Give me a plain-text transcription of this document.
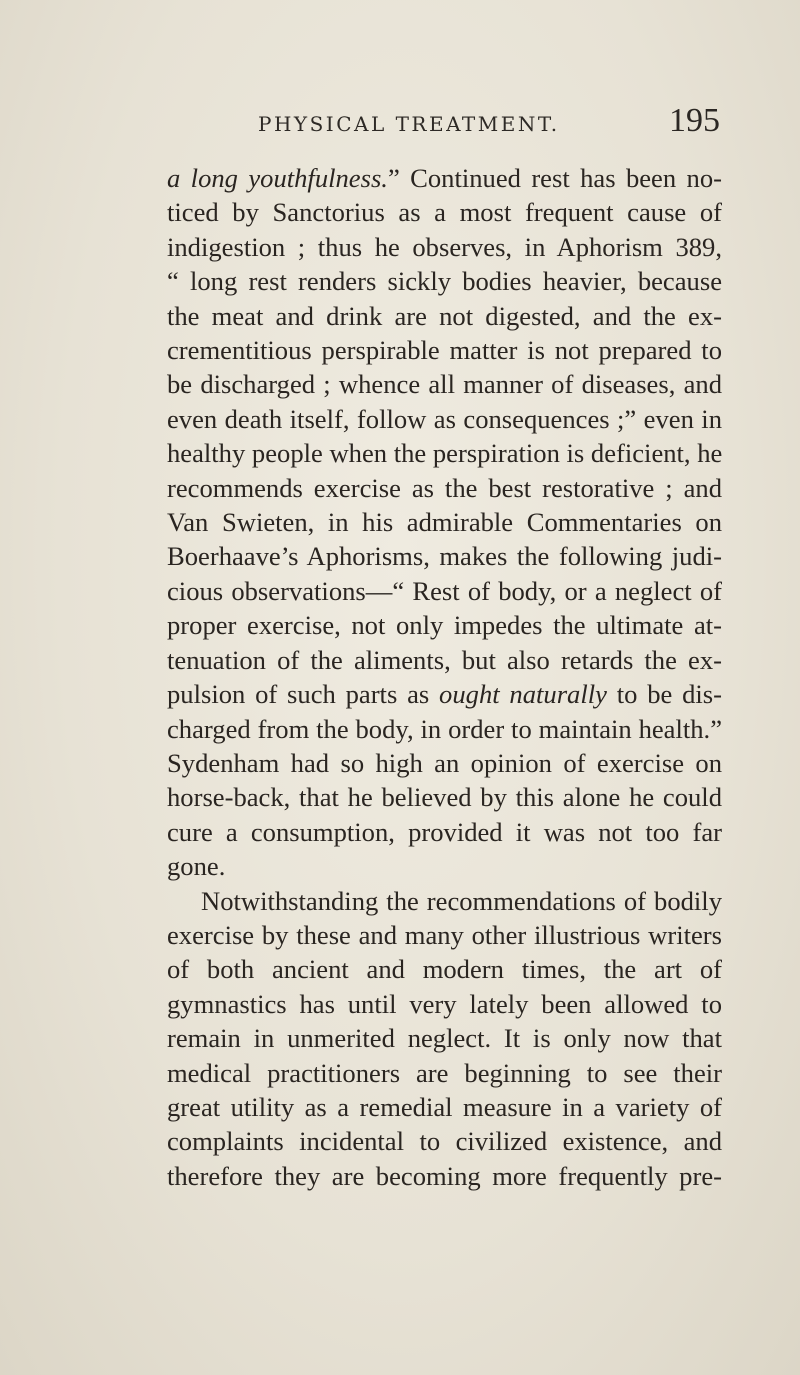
PHYSICAL TREATMENT.	195

a long youthfulness.” Continued rest has been no-
ticed by Sanctorius as a most frequent cause of
indigestion ; thus he observes, in Aphorism 389,
“ long rest renders sickly bodies heavier, because
the meat and drink are not digested, and the ex-
crementitious perspirable matter is not prepared to
be discharged ; whence all manner of diseases, and
even death itself, follow as consequences ;” even in
healthy people when the perspiration is deficient, he
recommends exercise as the best restorative ; and
Van Swieten, in his admirable Commentaries on
Boerhaave’s Aphorisms, makes the following judi-
cious observations—“ Rest of body, or a neglect of
proper exercise, not only impedes the ultimate at-
tenuation of the aliments, but also retards the ex-
pulsion of such parts as ought naturally to be dis-
charged from the body, in order to maintain health.”
Sydenham had so high an opinion of exercise on
horse-back, that he believed by this alone he could
cure a consumption, provided it was not too far
gone.

Notwithstanding the recommendations of bodily
exercise by these and many other illustrious writers
of both ancient and modern times, the art of
gymnastics has until very lately been allowed to
remain in unmerited neglect. It is only now that
medical practitioners are beginning to see their
great utility as a remedial measure in a variety of
complaints incidental to civilized existence, and
therefore they are becoming more frequently pre-
